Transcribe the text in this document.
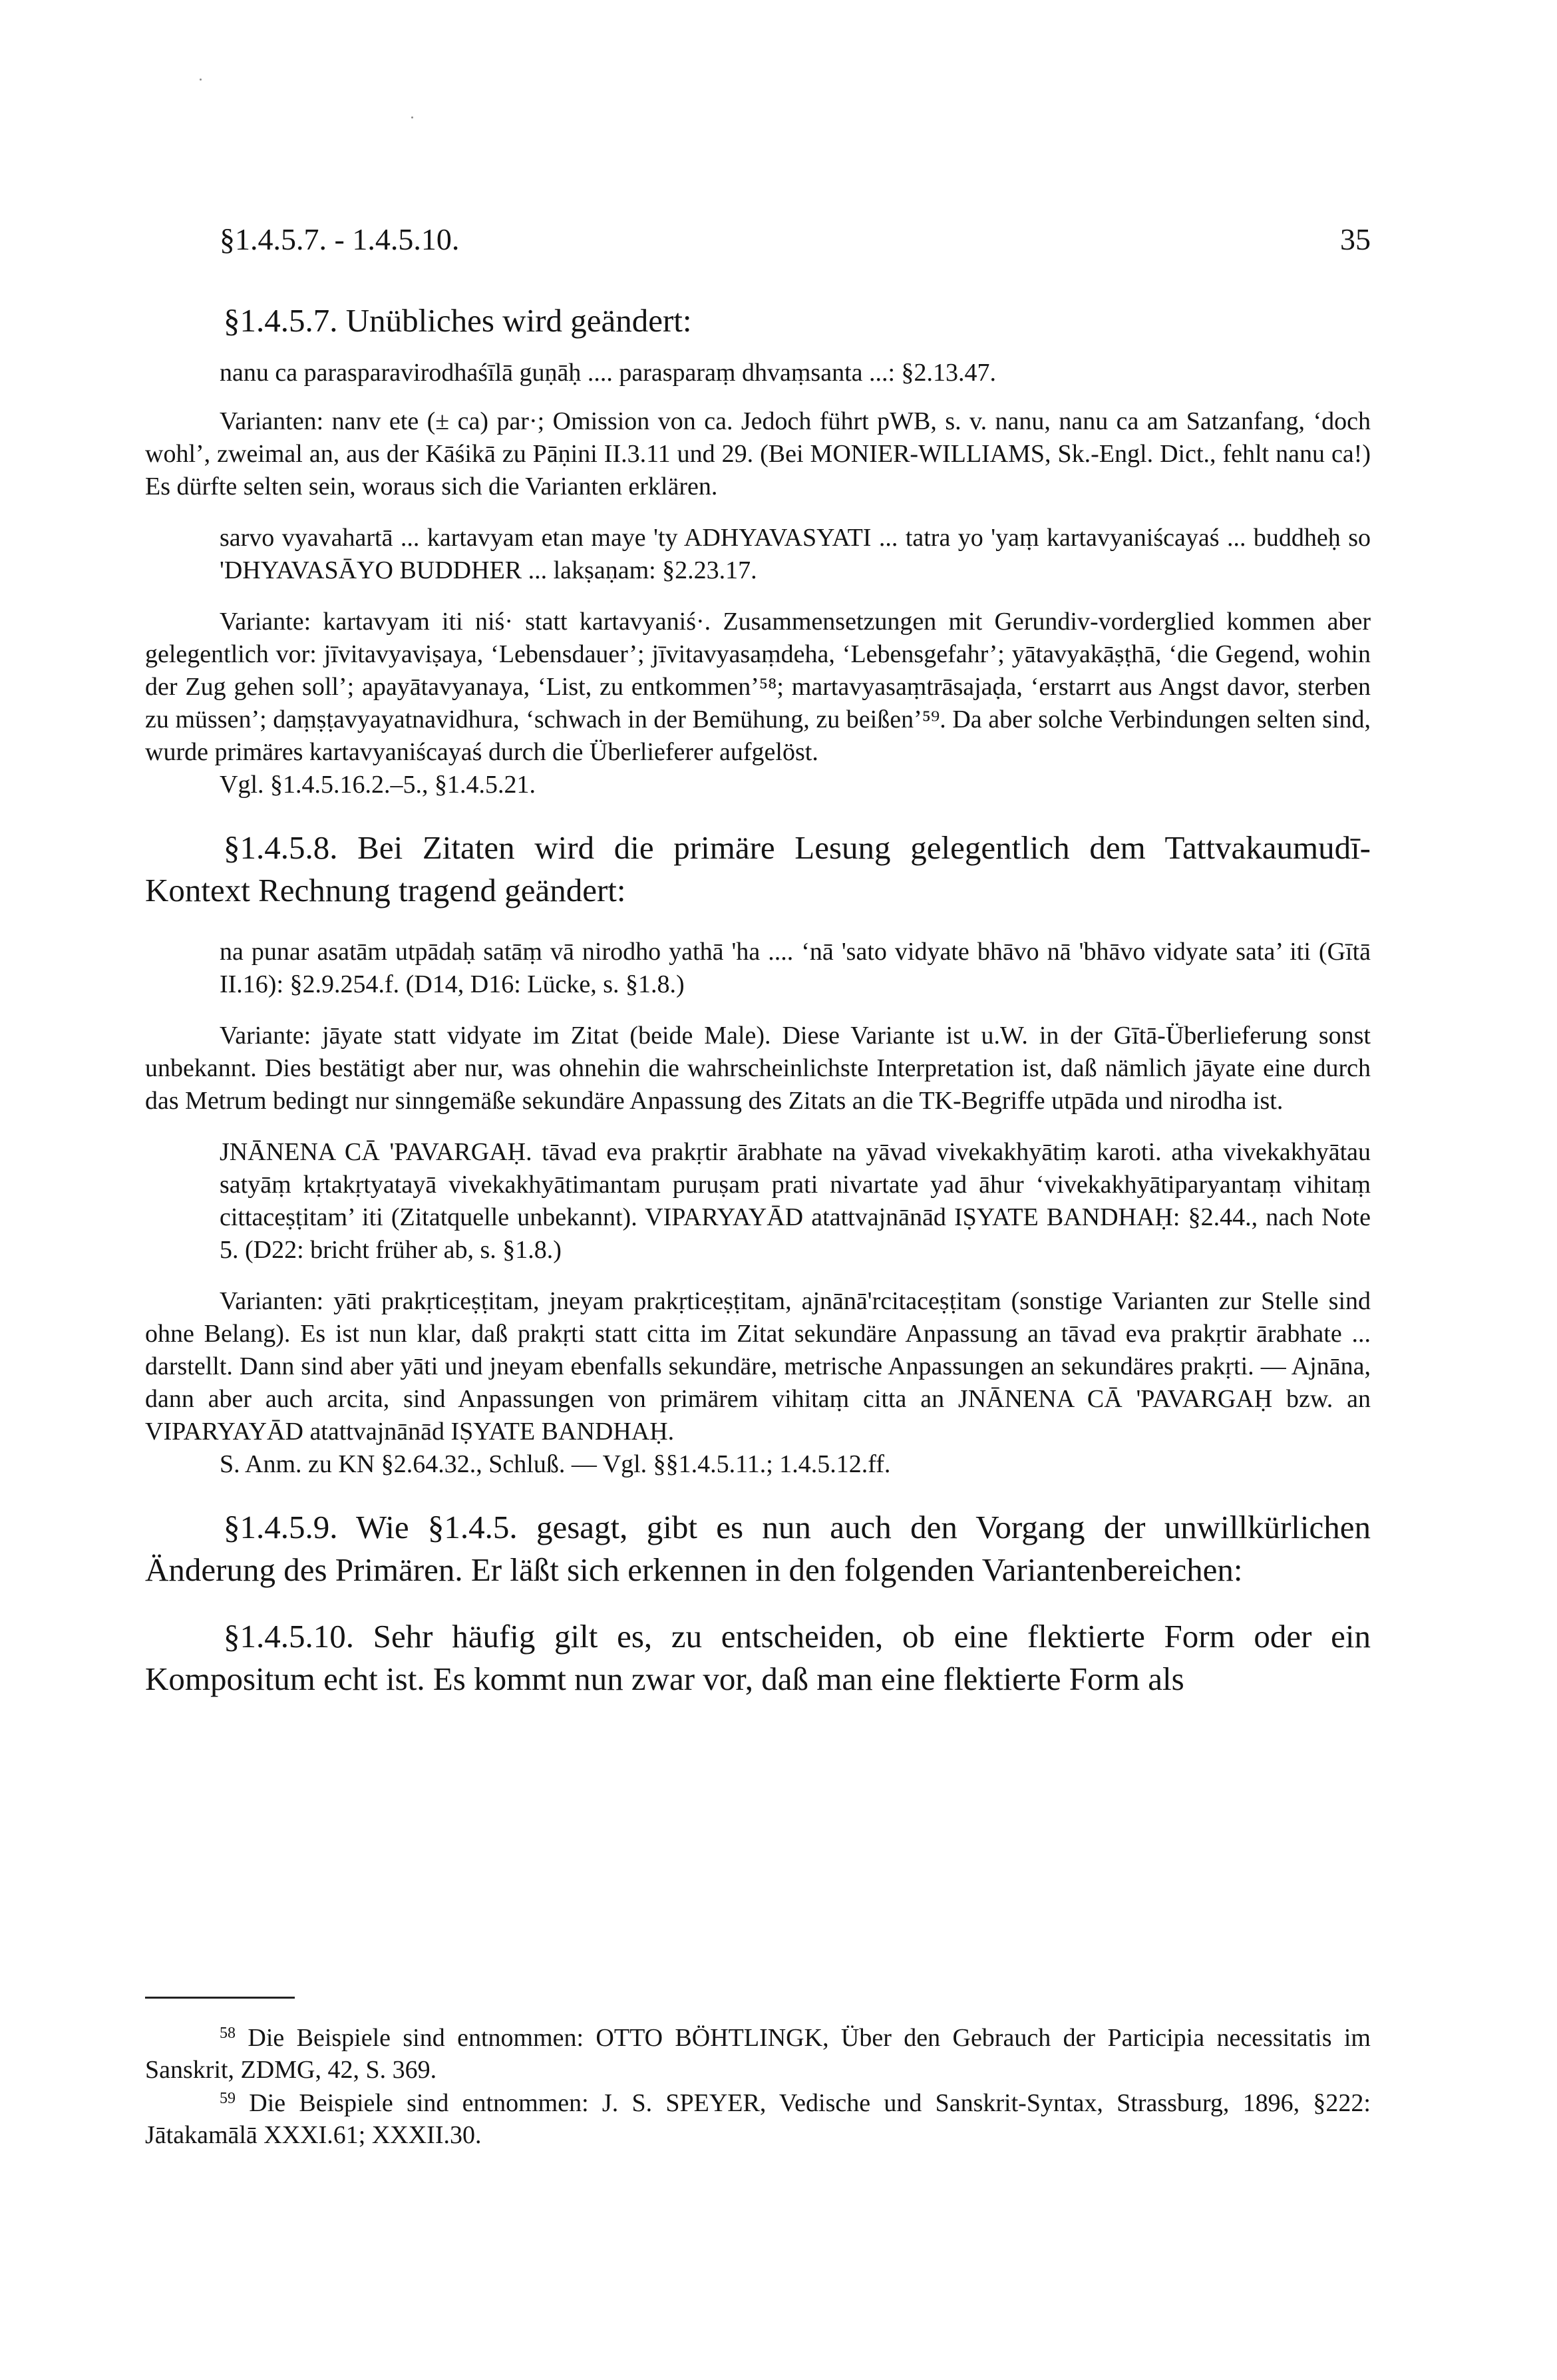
§1.4.5.7. - 1.4.5.10.	35

§1.4.5.7. Unübliches wird geändert:

nanu ca parasparavirodhaśīlā guṇāḥ .... parasparaṃ dhvaṃsanta ...: §2.13.47.

Varianten: nanv ete (± ca) par·; Omission von ca. Jedoch führt pWB, s. v. nanu, nanu ca am Satzanfang, ‘doch wohl’, zweimal an, aus der Kāśikā zu Pāṇini II.3.11 und 29. (Bei MONIER-WILLIAMS, Sk.-Engl. Dict., fehlt nanu ca!) Es dürfte selten sein, woraus sich die Varianten erklären.

sarvo vyavahartā ... kartavyam etan maye 'ty ADHYAVASYATI ... tatra yo 'yaṃ kartavyaniścayaś ... buddheḥ so 'DHYAVASĀYO BUDDHER ... lakṣaṇam: §2.23.17.

Variante: kartavyam iti niś· statt kartavyaniś·. Zusammensetzungen mit Gerundiv-vorderglied kommen aber gelegentlich vor: jīvitavyaviṣaya, ‘Lebensdauer’; jīvitavyasaṃdeha, ‘Lebensgefahr’; yātavyakāṣṭhā, ‘die Gegend, wohin der Zug gehen soll’; apayātavyanaya, ‘List, zu entkommen’⁵⁸; martavyasaṃtrāsajaḍa, ‘erstarrt aus Angst davor, sterben zu müssen’; daṃṣṭavyayatnavidhura, ‘schwach in der Bemühung, zu beißen’⁵⁹. Da aber solche Verbindungen selten sind, wurde primäres kartavyaniścayaś durch die Überlieferer aufgelöst.

Vgl. §1.4.5.16.2.–5., §1.4.5.21.

§1.4.5.8. Bei Zitaten wird die primäre Lesung gelegentlich dem Tattvakaumudī-Kontext Rechnung tragend geändert:

na punar asatām utpādaḥ satāṃ vā nirodho yathā 'ha .... ‘nā 'sato vidyate bhāvo nā 'bhāvo vidyate sata’ iti (Gītā II.16): §2.9.254.f. (D14, D16: Lücke, s. §1.8.)

Variante: jāyate statt vidyate im Zitat (beide Male). Diese Variante ist u.W. in der Gītā-Überlieferung sonst unbekannt. Dies bestätigt aber nur, was ohnehin die wahrscheinlichste Interpretation ist, daß nämlich jāyate eine durch das Metrum bedingt nur sinngemäße sekundäre Anpassung des Zitats an die TK-Begriffe utpāda und nirodha ist.

JNĀNENA CĀ 'PAVARGAḤ. tāvad eva prakṛtir ārabhate na yāvad vivekakhyātiṃ karoti. atha vivekakhyātau satyāṃ kṛtakṛtyatayā vivekakhyātimantam puruṣam prati nivartate yad āhur ‘vivekakhyātiparyantaṃ vihitaṃ cittaceṣṭitam’ iti (Zitatquelle unbekannt). VIPARYAYĀD atattvajnānād IṢYATE BANDHAḤ: §2.44., nach Note 5. (D22: bricht früher ab, s. §1.8.)

Varianten: yāti prakṛticeṣṭitam, jneyam prakṛticeṣṭitam, ajnānā'rcitaceṣṭitam (sonstige Varianten zur Stelle sind ohne Belang). Es ist nun klar, daß prakṛti statt citta im Zitat sekundäre Anpassung an tāvad eva prakṛtir ārabhate ... darstellt. Dann sind aber yāti und jneyam ebenfalls sekundäre, metrische Anpassungen an sekundäres prakṛti. — Ajnāna, dann aber auch arcita, sind Anpassungen von primärem vihitaṃ citta an JNĀNENA CĀ 'PAVARGAḤ bzw. an VIPARYAYĀD atattvajnānād IṢYATE BANDHAḤ.

S. Anm. zu KN §2.64.32., Schluß. — Vgl. §§1.4.5.11.; 1.4.5.12.ff.

§1.4.5.9. Wie §1.4.5. gesagt, gibt es nun auch den Vorgang der unwillkürlichen Änderung des Primären. Er läßt sich erkennen in den folgenden Variantenbereichen:

§1.4.5.10. Sehr häufig gilt es, zu entscheiden, ob eine flektierte Form oder ein Kompositum echt ist. Es kommt nun zwar vor, daß man eine flektierte Form als

$^{58}$ Die Beispiele sind entnommen: OTTO BÖHTLINGK, Über den Gebrauch der Participia necessitatis im Sanskrit, ZDMG, 42, S. 369.

$^{59}$ Die Beispiele sind entnommen: J. S. SPEYER, Vedische und Sanskrit-Syntax, Strassburg, 1896, §222: Jātakamālā XXXI.61; XXXII.30.
